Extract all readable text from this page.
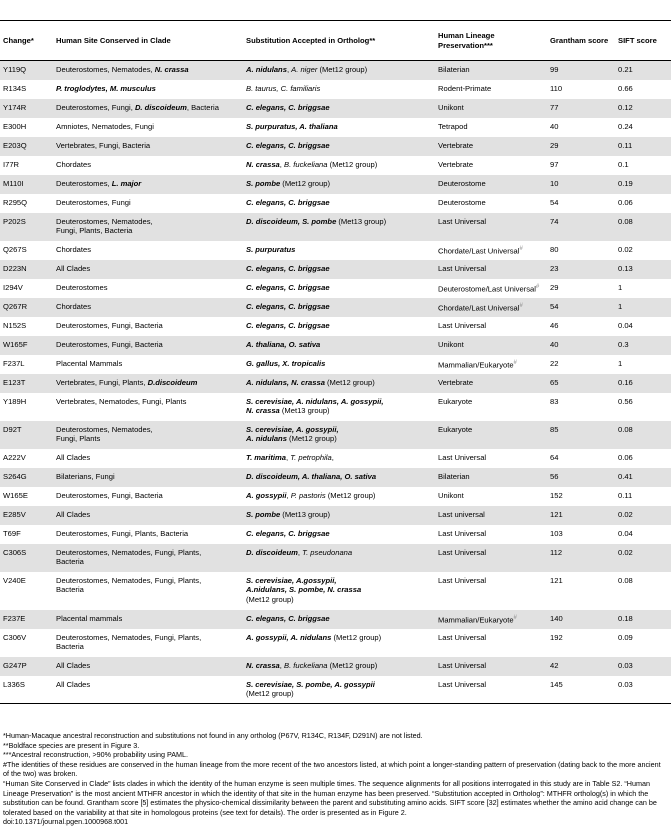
Change*	Human Site Conserved in Clade	Substitution Accepted in Ortholog**	Human Lineage Preservation***	Grantham score	SIFT score
Y119Q	Deuterostomes, Nematodes, N. crassa	A. nidulans, A. niger (Met12 group)	Bilaterian	99	0.21
R134S	P. troglodytes, M. musculus	B. taurus, C. familiaris	Rodent-Primate	110	0.66
Y174R	Deuterostomes, Fungi, D. discoideum, Bacteria	C. elegans, C. briggsae	Unikont	77	0.12
E300H	Amniotes, Nematodes, Fungi	S. purpuratus, A. thaliana	Tetrapod	40	0.24
E203Q	Vertebrates, Fungi, Bacteria	C. elegans, C. briggsae	Vertebrate	29	0.11
I77R	Chordates	N. crassa, B. fuckeliana (Met12 group)	Vertebrate	97	0.1
M110I	Deuterostomes, L. major	S. pombe (Met12 group)	Deuterostome	10	0.19
R295Q	Deuterostomes, Fungi	C. elegans, C. briggsae	Deuterostome	54	0.06
P202S	Deuterostomes, Nematodes,
Fungi, Plants, Bacteria	D. discoideum, S. pombe (Met13 group)	Last Universal	74	0.08
Q267S	Chordates	S. purpuratus	Chordate/Last Universal#	80	0.02
D223N	All Clades	C. elegans, C. briggsae	Last Universal	23	0.13
I294V	Deuterostomes	C. elegans, C. briggsae	Deuterostome/Last Universal#	29	1
Q267R	Chordates	C. elegans, C. briggsae	Chordate/Last Universal#	54	1
N152S	Deuterostomes, Fungi, Bacteria	C. elegans, C. briggsae	Last Universal	46	0.04
W165F	Deuterostomes, Fungi, Bacteria	A. thaliana, O. sativa	Unikont	40	0.3
F237L	Placental Mammals	G. gallus, X. tropicalis	Mammalian/Eukaryote#	22	1
E123T	Vertebrates, Fungi, Plants, D.discoideum	A. nidulans, N. crassa (Met12 group)	Vertebrate	65	0.16
Y189H	Vertebrates, Nematodes, Fungi, Plants	S. cerevisiae, A. nidulans, A. gossypii,
N. crassa (Met13 group)	Eukaryote	83	0.56
D92T	Deuterostomes, Nematodes,
Fungi, Plants	S. cerevisiae, A. gossypii,
A. nidulans (Met12 group)	Eukaryote	85	0.08
A222V	All Clades	T. maritima, T. petrophila,	Last Universal	64	0.06
S264G	Bilaterians, Fungi	D. discoideum, A. thaliana, O. sativa	Bilaterian	56	0.41
W165E	Deuterostomes, Fungi, Bacteria	A. gossypii, P. pastoris (Met12 group)	Unikont	152	0.11
E285V	All Clades	S. pombe (Met13 group)	Last universal	121	0.02
T69F	Deuterostomes, Fungi, Plants, Bacteria	C. elegans, C. briggsae	Last Universal	103	0.04
C306S	Deuterostomes, Nematodes, Fungi, Plants,
Bacteria	D. discoideum, T. pseudonana	Last Universal	112	0.02
V240E	Deuterostomes, Nematodes, Fungi, Plants,
Bacteria	S. cerevisiae, A.gossypii,
A.nidulans, S. pombe, N. crassa
(Met12 group)	Last Universal	121	0.08
F237E	Placental mammals	C. elegans, C. briggsae	Mammalian/Eukaryote#	140	0.18
C306V	Deuterostomes, Nematodes, Fungi, Plants,
Bacteria	A. gossypii, A. nidulans (Met12 group)	Last Universal	192	0.09
G247P	All Clades	N. crassa, B. fuckeliana (Met12 group)	Last Universal	42	0.03
L336S	All Clades	S. cerevisiae, S. pombe, A. gossypii
(Met12 group)	Last Universal	145	0.03

*Human-Macaque ancestral reconstruction and substitutions not found in any ortholog (P67V, R134C, R134F, D291N) are not listed.

**Boldface species are present in Figure 3.

***Ancestral reconstruction, >90% probability using PAML.

#The identities of these residues are conserved in the human lineage from the more recent of the two ancestors listed, at which point a longer-standing pattern of preservation (dating back to the more ancient of the two) was broken.

“Human Site Conserved in Clade” lists clades in which the identity of the human enzyme is seen multiple times. The sequence alignments for all positions interrogated in this study are in Table S2. “Human Lineage Preservation” is the most ancient MTHFR ancestor in which the identity of that site in the human enzyme has been preserved. “Substitution accepted in Ortholog”: MTHFR ortholog(s) in which the substitution can be found. Grantham score [5] estimates the physico-chemical dissimilarity between the parent and substituting amino acids. SIFT score [32] estimates whether the amino acid change can be tolerated based on the variability at that site in homologous proteins (see text for details). The order is presented as in Figure 2.

doi:10.1371/journal.pgen.1000968.t001
